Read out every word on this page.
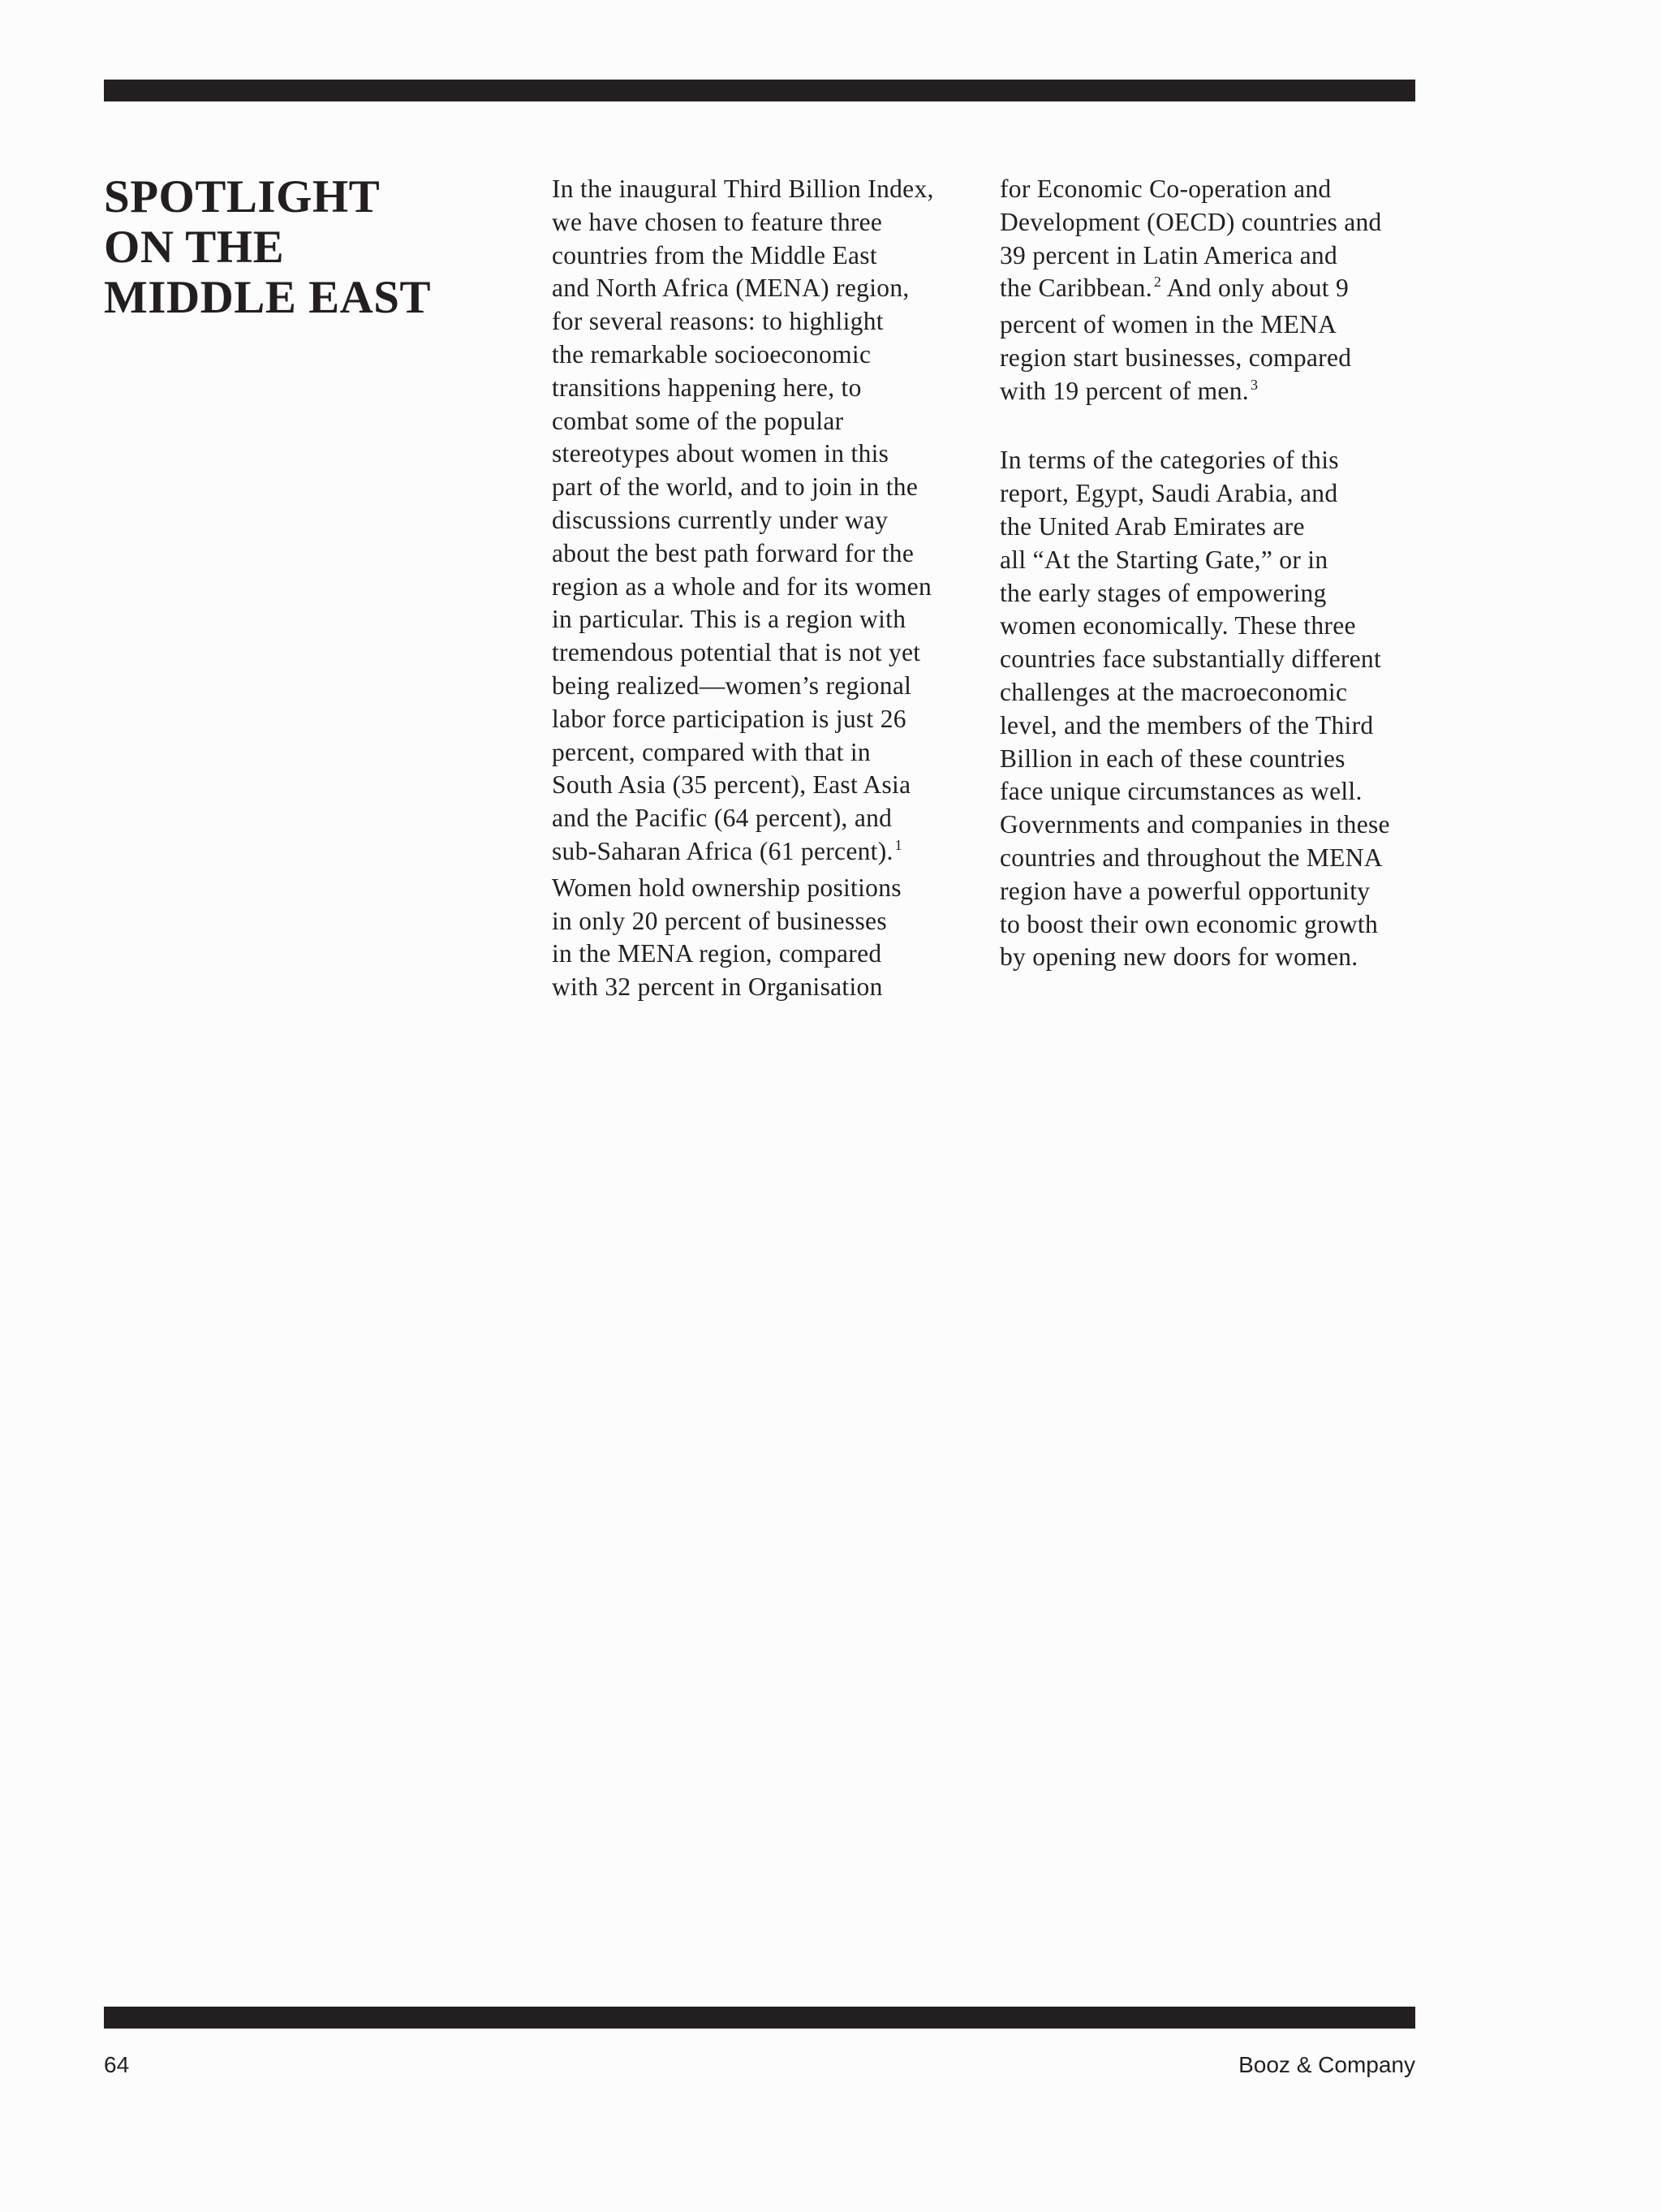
SPOTLIGHT
ON THE
MIDDLE EAST
In the inaugural Third Billion Index,
we have chosen to feature three
countries from the Middle East
and North Africa (MENA) region,
for several reasons: to highlight
the remarkable socioeconomic
transitions happening here, to
combat some of the popular
stereotypes about women in this
part of the world, and to join in the
discussions currently under way
about the best path forward for the
region as a whole and for its women
in particular. This is a region with
tremendous potential that is not yet
being realized—women’s regional
labor force participation is just 26
percent, compared with that in
South Asia (35 percent), East Asia
and the Pacific (64 percent), and
sub-Saharan Africa (61 percent). $^1$
Women hold ownership positions
in only 20 percent of businesses
in the MENA region, compared
with 32 percent in Organisation
for Economic Co-operation and
Development (OECD) countries and
39 percent in Latin America and
the Caribbean. $^2$ And only about 9
percent of women in the MENA
region start businesses, compared
with 19 percent of men. $^3$
In terms of the categories of this
report, Egypt, Saudi Arabia, and
the United Arab Emirates are
all “At the Starting Gate,” or in
the early stages of empowering
women economically. These three
countries face substantially different
challenges at the macroeconomic
level, and the members of the Third
Billion in each of these countries
face unique circumstances as well.
Governments and companies in these
countries and throughout the MENA
region have a powerful opportunity
to boost their own economic growth
by opening new doors for women.
64	Booz & Company
